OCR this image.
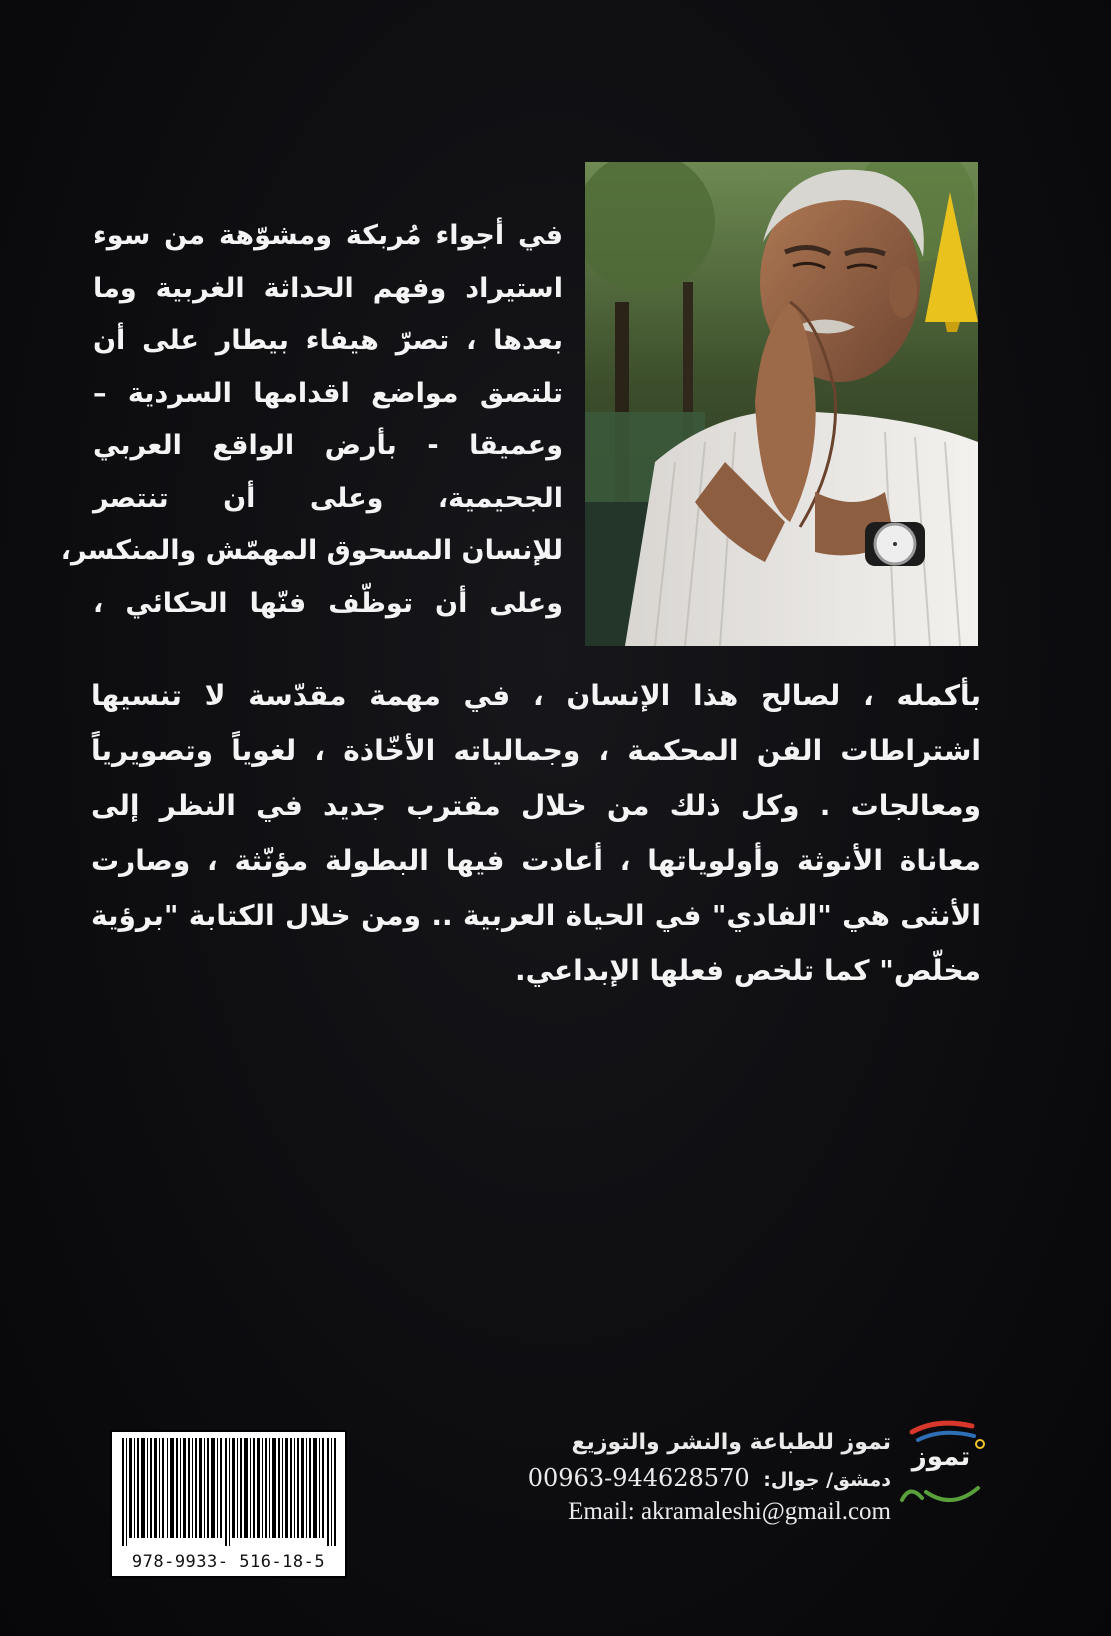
في أجواء مُربكة ومشوّهة من سوء
استيراد وفهم الحداثة الغربية وما
بعدها ، تصرّ هيفاء بيطار على أن
تلتصق مواضع اقدامها السردية –
وعميقا - بأرض الواقع العربي
الجحيمية، وعلى أن تنتصر
للإنسان المسحوق المهمّش والمنكسر،
وعلى أن توظّف فنّها الحكائي ،
بأكمله ، لصالح هذا الإنسان ، في مهمة مقدّسة لا تنسيها
اشتراطات الفن المحكمة ، وجمالياته الأخّاذة ، لغوياً وتصويرياً
ومعالجات . وكل ذلك من خلال مقترب جديد في النظر إلى
معاناة الأنوثة وأولوياتها ، أعادت فيها البطولة مؤنّثة ، وصارت
الأنثى هي "الفادي" في الحياة العربية .. ومن خلال الكتابة "برؤية
مخلّص" كما تلخص فعلها الإبداعي.
978-9933- 516-18-5
تموز للطباعة والنشر والتوزيع
دمشق/ جوال: 00963-944628570
Email: akramaleshi@gmail.com
تموز
